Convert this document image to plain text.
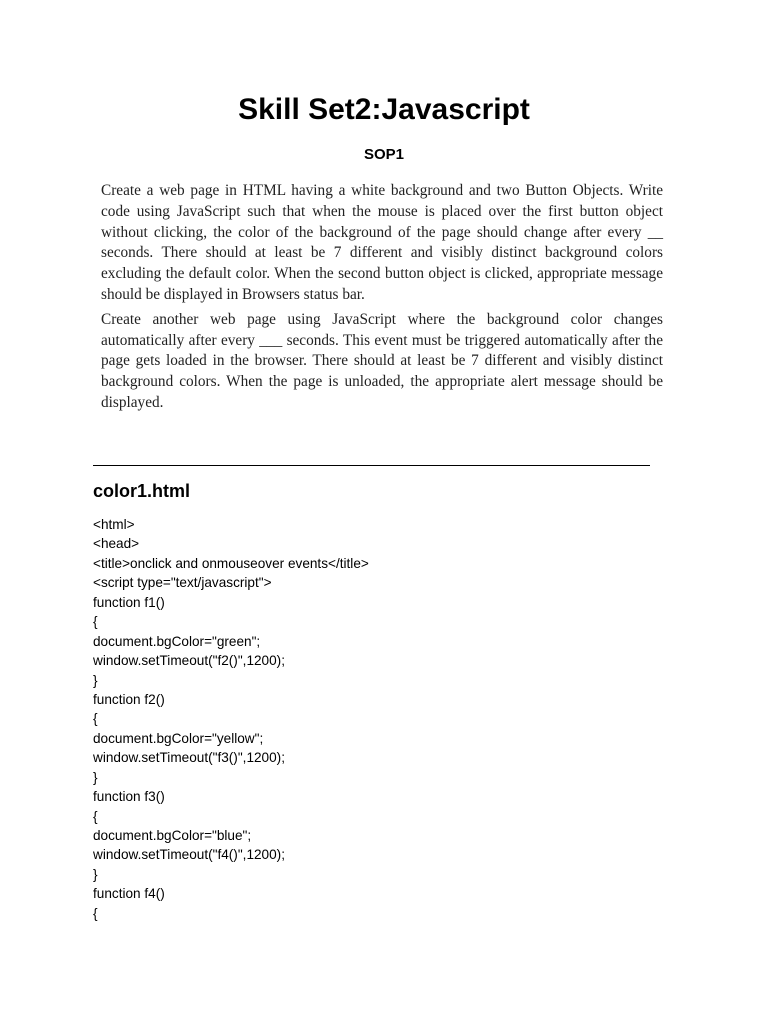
Skill Set2:Javascript
SOP1

Create a web page in HTML having a white background and two Button Objects. Write code using JavaScript such that when the mouse is placed over the first button object without clicking, the color of the background of the page should change after every __ seconds. There should at least be 7 different and visibly distinct background colors excluding the default color. When the second button object is clicked, appropriate message should be displayed in Browsers status bar.

Create another web page using JavaScript where the background color changes automatically after every ___ seconds. This event must be triggered automatically after the page gets loaded in the browser. There should at least be 7 different and visibly distinct background colors. When the page is unloaded, the appropriate alert message should be displayed.

color1.html
<html>
<head>
<title>onclick and onmouseover events</title>
<script type="text/javascript">
function f1()
{
document.bgColor="green";
window.setTimeout("f2()",1200);
}
function f2()
{
document.bgColor="yellow";
window.setTimeout("f3()",1200);
}
function f3()
{
document.bgColor="blue";
window.setTimeout("f4()",1200);
}
function f4()
{
